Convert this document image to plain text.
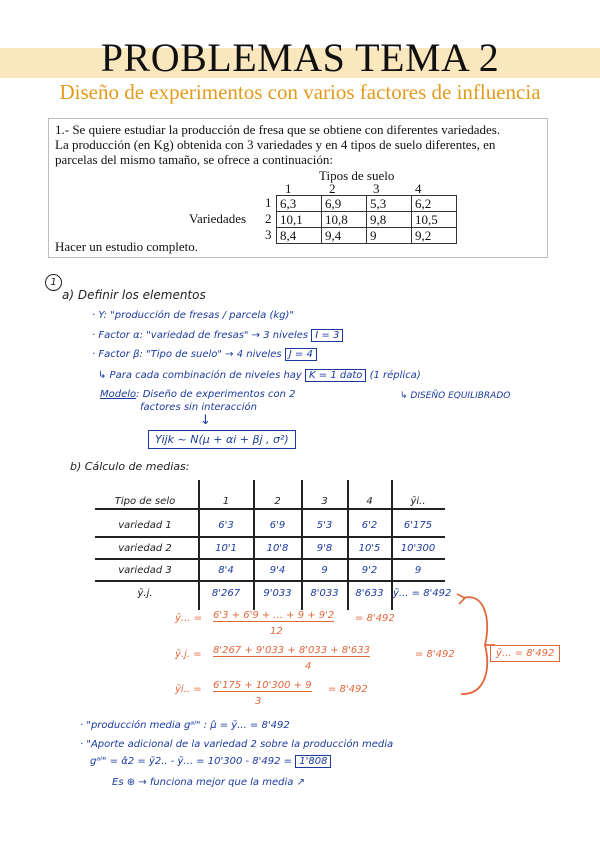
PROBLEMAS TEMA 2
Diseño de experimentos con varios factores de influencia

1.- Se quiere estudiar la producción de fresa que se obtiene con diferentes variedades.

La producción (en Kg) obtenida con 3 variedades y en 4 tipos de suelo diferentes, en

parcelas del mismo tamaño, se ofrece a continuación:

Tipos de suelo

1	2	3	4
Variedades
1
2
3
6,3	6,9	5,3	6,2
10,1	10,8	9,8	10,5
8,4	9,4	9	9,2

Hacer un estudio completo.

1
a) Definir los elementos
· Y: "producción de fresas / parcela (kg)"
· Factor α: "variedad de fresas" → 3 niveles I = 3
· Factor β: "Tipo de suelo" → 4 niveles J = 4
↳ Para cada combinación de niveles hay K = 1 dato (1 réplica)
Modelo: Diseño de experimentos con 2
factores sin interacción
↳ DISEÑO EQUILIBRADO
↓
Yijk ~ N(μ + αi + βj , σ²)
b) Cálculo de medias:
Tipo de selo	1	2	3	4	ȳi..
variedad 1	6'3	6'9	5'3	6'2	6'175
variedad 2	10'1	10'8	9'8	10'5	10'300
variedad 3	8'4	9'4	9	9'2	9
ȳ.j.	8'267	9'033	8'033	8'633 ȳ... = 8'492
ȳ... = 6'3 + 6'9 + ... + 9 + 9'2
12
= 8'492
ȳ.j. = 8'267 + 9'033 + 8'033 + 8'633
4
= 8'492
ȳi.. = 6'175 + 10'300 + 9
3
= 8'492
ȳ... = 8'492
· "producción media gᵃˡ" : μ̂ = ȳ... = 8'492
· "Aporte adicional de la variedad 2 sobre la producción media
gᵃˡ" = α̂2 = ȳ2.. - ȳ... = 10'300 - 8'492 = 1'808
Es ⊕ → funciona mejor que la media ↗
